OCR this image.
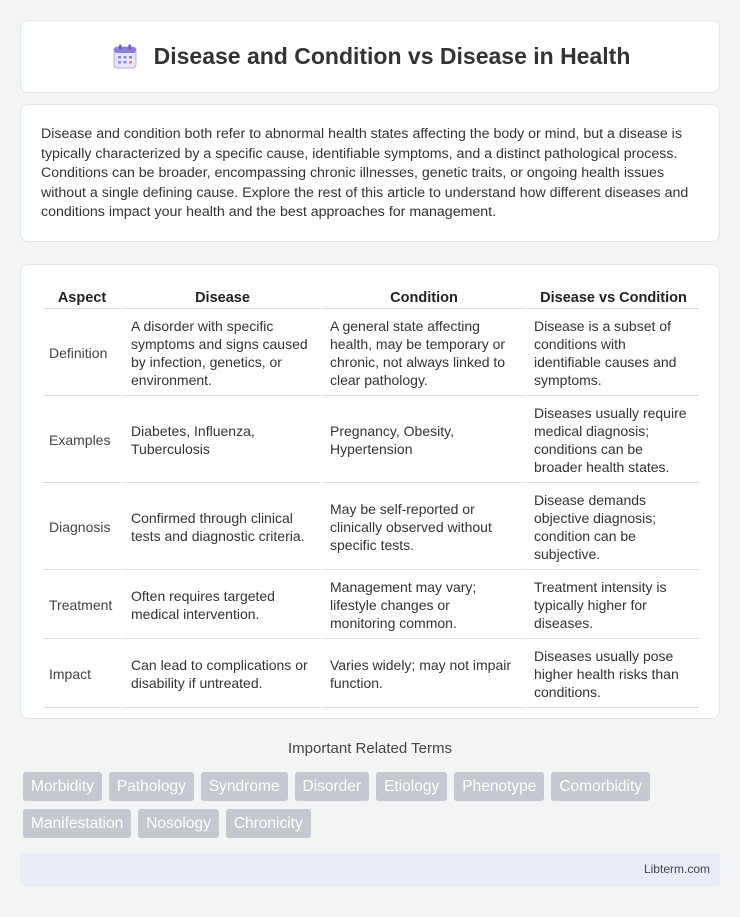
Disease and Condition vs Disease in Health

Disease and condition both refer to abnormal health states affecting the body or mind, but a disease is typically characterized by a specific cause, identifiable symptoms, and a distinct pathological process. Conditions can be broader, encompassing chronic illnesses, genetic traits, or ongoing health issues without a single defining cause. Explore the rest of this article to understand how different diseases and conditions impact your health and the best approaches for management.

Aspect	Disease	Condition	Disease vs Condition
Definition	A disorder with specific symptoms and signs caused by infection, genetics, or environment.	A general state affecting health, may be temporary or chronic, not always linked to clear pathology.	Disease is a subset of conditions with identifiable causes and symptoms.
Examples	Diabetes, Influenza, Tuberculosis	Pregnancy, Obesity, Hypertension	Diseases usually require medical diagnosis; conditions can be broader health states.
Diagnosis	Confirmed through clinical tests and diagnostic criteria.	May be self-reported or clinically observed without specific tests.	Disease demands objective diagnosis; condition can be subjective.
Treatment	Often requires targeted medical intervention.	Management may vary; lifestyle changes or monitoring common.	Treatment intensity is typically higher for diseases.
Impact	Can lead to complications or disability if untreated.	Varies widely; may not impair function.	Diseases usually pose higher health risks than conditions.
Important Related Terms
Morbidity	Pathology	Syndrome	Disorder	Etiology	Phenotype	Comorbidity
Manifestation	Nosology	Chronicity
Libterm.com
